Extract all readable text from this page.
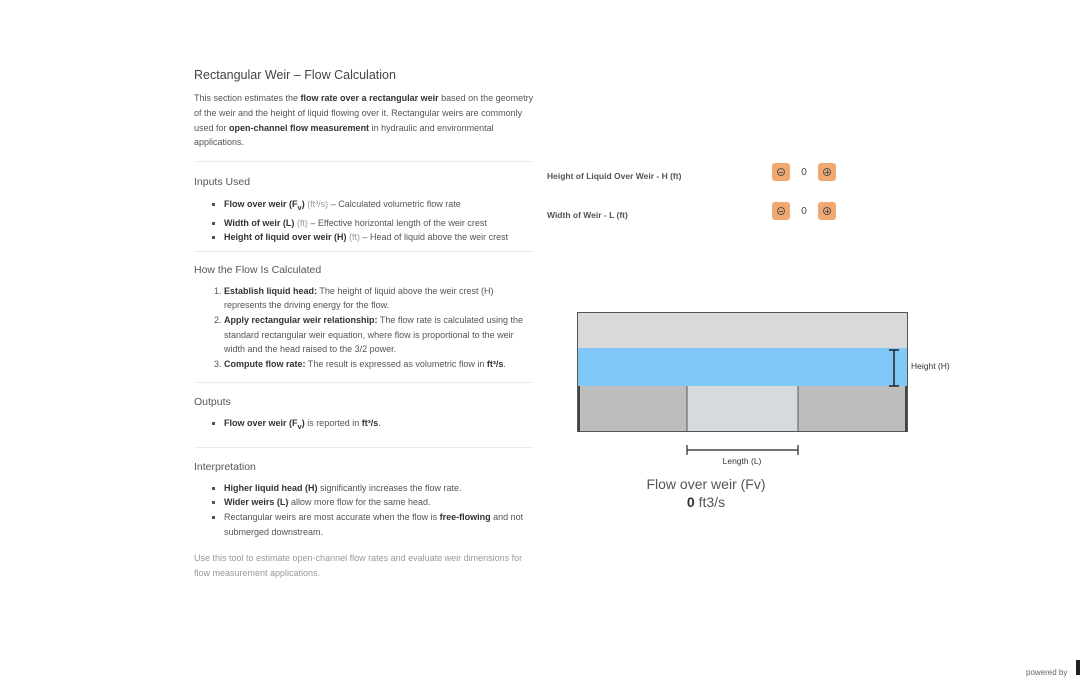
Rectangular Weir – Flow Calculation

This section estimates the flow rate over a rectangular weir based on the geometry of the weir and the height of liquid flowing over it. Rectangular weirs are commonly used for open-channel flow measurement in hydraulic and environmental applications.

Inputs Used
▪ Flow over weir $(F_v)$ (ft³/s) – Calculated volumetric flow rate
▪ Width of weir (L) (ft) – Effective horizontal length of the weir crest
▪ Height of liquid over weir (H) (ft) – Head of liquid above the weir crest
How the Flow Is Calculated
1. Establish liquid head: The height of liquid above the weir crest (H) represents the driving energy for the flow.
2. Apply rectangular weir relationship: The flow rate is calculated using the standard rectangular weir equation, where flow is proportional to the weir width and the head raised to the 3/2 power.
3. Compute flow rate: The result is expressed as volumetric flow in ft³/s.
Outputs
▪ Flow over weir $(F_v)$ is reported in ft³/s.
Interpretation
▪ Higher liquid head (H) significantly increases the flow rate.
▪ Wider weirs (L) allow more flow for the same head.
▪ Rectangular weirs are most accurate when the flow is free-flowing and not submerged downstream.

Use this tool to estimate open-channel flow rates and evaluate weir dimensions for flow measurement applications.

Height of Liquid Over Weir - H (ft)	0
Width of Weir - L (ft)	0
Height (H)
Length (L)
Flow over weir (Fv)
0 ft3/s
powered by
